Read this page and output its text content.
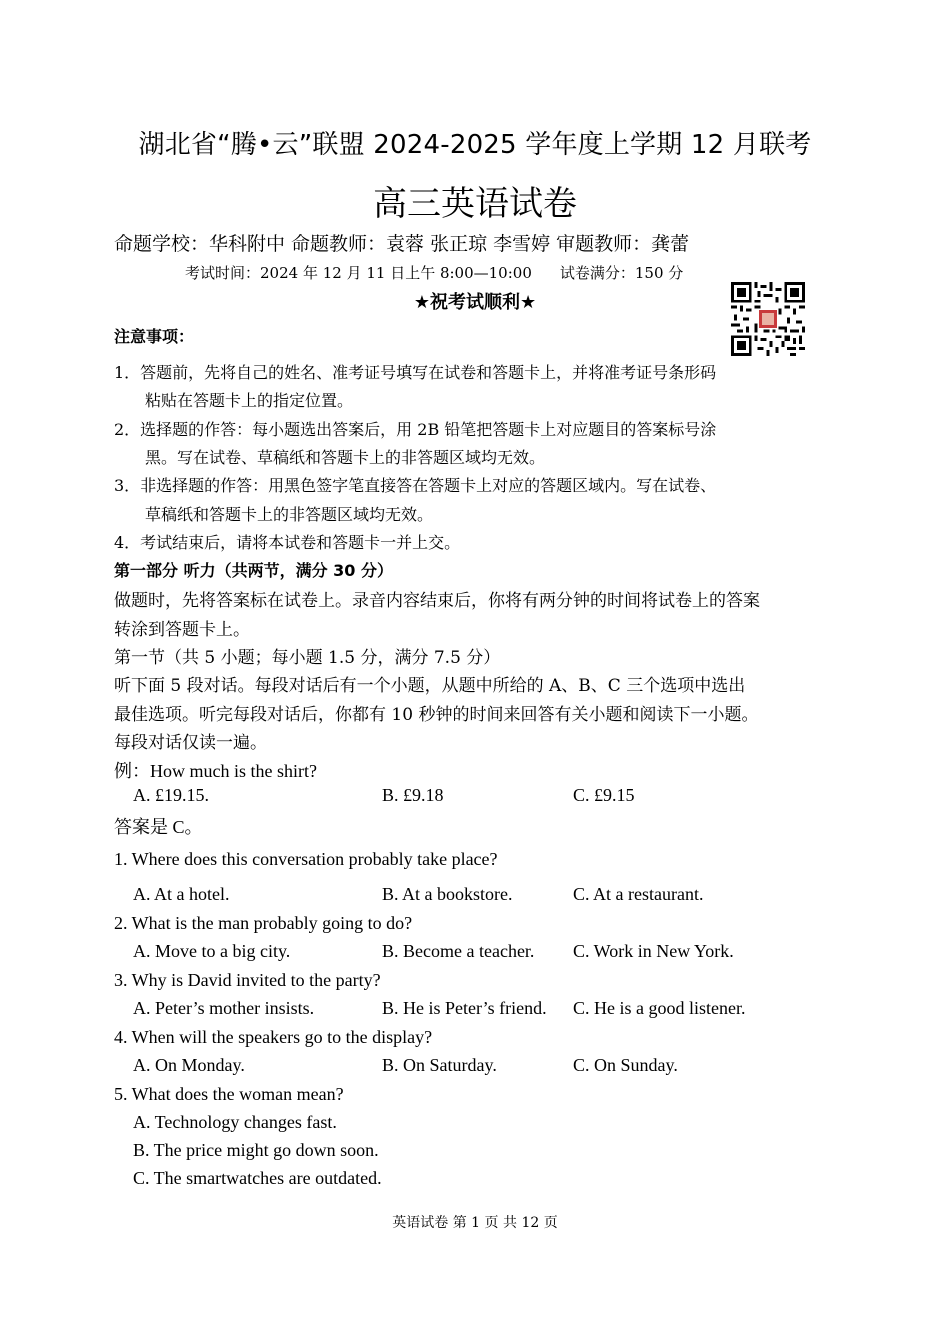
湖北省“腾•云”联盟 2024-2025 学年度上学期 12 月联考
高三英语试卷
命题学校：华科附中 命题教师：袁蓉 张正琼 李雪婷 审题教师：龚蕾
考试时间：2024 年 12 月 11 日上午 8:00—10:00 试卷满分：150 分
★祝考试顺利★
注意事项：
1．答题前，先将自己的姓名、准考证号填写在试卷和答题卡上，并将准考证号条形码
粘贴在答题卡上的指定位置。
2．选择题的作答：每小题选出答案后，用 2B 铅笔把答题卡上对应题目的答案标号涂
黑。写在试卷、草稿纸和答题卡上的非答题区域均无效。
3．非选择题的作答：用黑色签字笔直接答在答题卡上对应的答题区域内。写在试卷、
草稿纸和答题卡上的非答题区域均无效。
4．考试结束后，请将本试卷和答题卡一并上交。
第一部分 听力（共两节，满分 30 分）
做题时，先将答案标在试卷上。录音内容结束后，你将有两分钟的时间将试卷上的答案
转涂到答题卡上。
第一节（共 5 小题；每小题 1.5 分，满分 7.5 分）
听下面 5 段对话。每段对话后有一个小题，从题中所给的 A、B、C 三个选项中选出
最佳选项。听完每段对话后，你都有 10 秒钟的时间来回答有关小题和阅读下一小题。
每段对话仅读一遍。
例：How much is the shirt?
A. £19.15.	B. £9.18	C. £9.15
答案是 C。
1. Where does this conversation probably take place?
A. At a hotel.	B. At a bookstore.	C. At a restaurant.
2. What is the man probably going to do?
A. Move to a big city.	B. Become a teacher. C. Work in New York.
3. Why is David invited to the party?
A. Peter’s mother insists.	B. He is Peter’s friend. C. He is a good listener.
4. When will the speakers go to the display?
A. On Monday.	B. On Saturday.	C. On Sunday.
5. What does the woman mean?
A. Technology changes fast.
B. The price might go down soon.
C. The smartwatches are outdated.
英语试卷 第 1 页 共 12 页
